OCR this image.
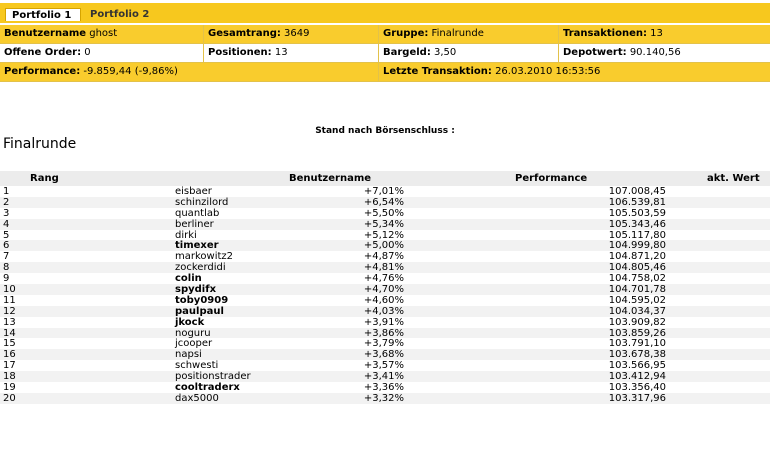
Portfolio 1	Portfolio 2
Benutzername ghost	Gesamtrang: 3649	Gruppe: Finalrunde	Transaktionen: 13
Offene Order: 0	Positionen: 13	Bargeld: 3,50	Depotwert: 90.140,56
Performance: -9.859,44 (-9,86%)	Letzte Transaktion: 26.03.2010 16:53:56
Stand nach Börsenschluss :
Finalrunde
Rang	Benutzername	Performance	akt. Wert
1	eisbaer	+7,01%	107.008,45
2	schinzilord	+6,54%	106.539,81
3	quantlab	+5,50%	105.503,59
4	berliner	+5,34%	105.343,46
5	dirki	+5,12%	105.117,80
6	timexer	+5,00%	104.999,80
7	markowitz2	+4,87%	104.871,20
8	zockerdidi	+4,81%	104.805,46
9	colin	+4,76%	104.758,02
10	spydifx	+4,70%	104.701,78
11	toby0909	+4,60%	104.595,02
12	paulpaul	+4,03%	104.034,37
13	jkock	+3,91%	103.909,82
14	noguru	+3,86%	103.859,26
15	jcooper	+3,79%	103.791,10
16	napsi	+3,68%	103.678,38
17	schwesti	+3,57%	103.566,95
18	positionstrader	+3,41%	103.412,94
19	cooltraderx	+3,36%	103.356,40
20	dax5000	+3,32%	103.317,96
